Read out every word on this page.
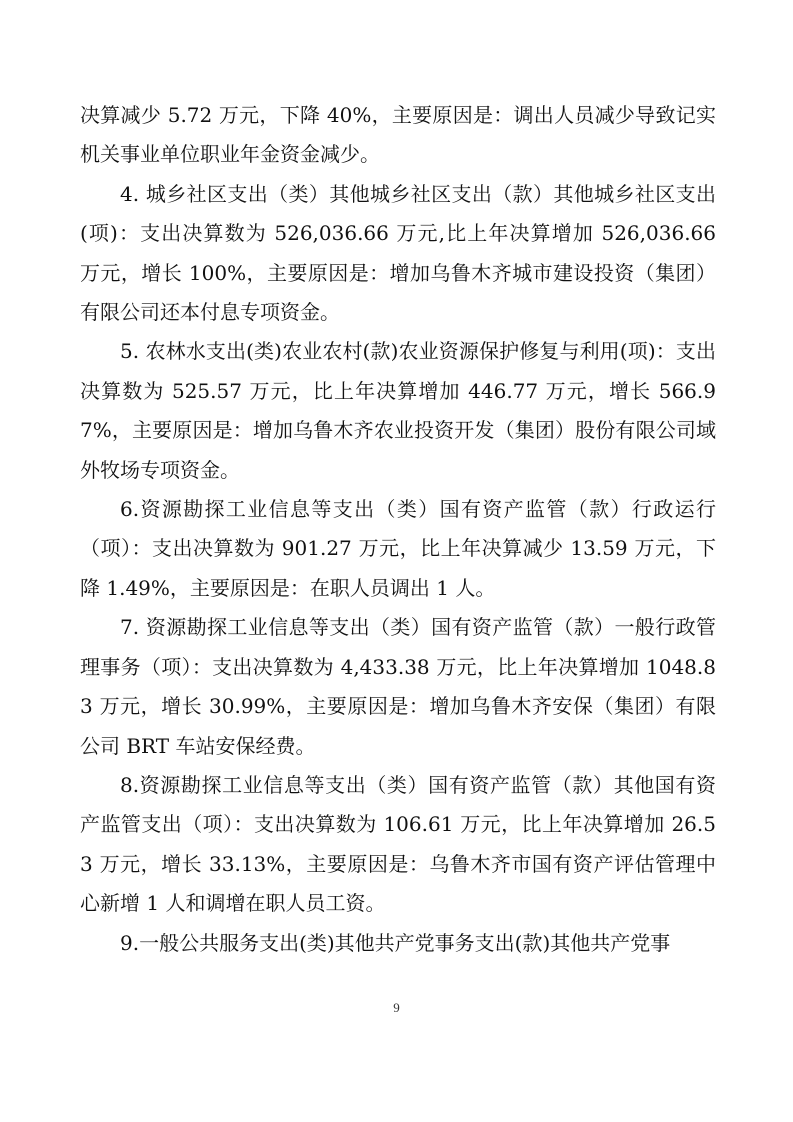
决算减少 5.72 万元，下降 40%，主要原因是：调出人员减少导致记实机关事业单位职业年金资金减少。

4. 城乡社区支出（类）其他城乡社区支出（款）其他城乡社区支出(项)：支出决算数为 526,036.66 万元,比上年决算增加 526,036.66 万元，增长 100%，主要原因是：增加乌鲁木齐城市建设投资（集团）有限公司还本付息专项资金。

5. 农林水支出(类)农业农村(款)农业资源保护修复与利用(项)：支出决算数为 525.57 万元，比上年决算增加 446.77 万元，增长 566.97%，主要原因是：增加乌鲁木齐农业投资开发（集团）股份有限公司域外牧场专项资金。

6.资源勘探工业信息等支出（类）国有资产监管（款）行政运行（项）：支出决算数为 901.27 万元，比上年决算减少 13.59 万元，下降 1.49%，主要原因是：在职人员调出 1 人。

7. 资源勘探工业信息等支出（类）国有资产监管（款）一般行政管理事务（项）：支出决算数为 4,433.38 万元，比上年决算增加 1048.83 万元，增长 30.99%，主要原因是：增加乌鲁木齐安保（集团）有限公司 BRT 车站安保经费。

8.资源勘探工业信息等支出（类）国有资产监管（款）其他国有资产监管支出（项）：支出决算数为 106.61 万元，比上年决算增加 26.53 万元，增长 33.13%，主要原因是：乌鲁木齐市国有资产评估管理中心新增 1 人和调增在职人员工资。

9.一般公共服务支出(类)其他共产党事务支出(款)其他共产党事

9
